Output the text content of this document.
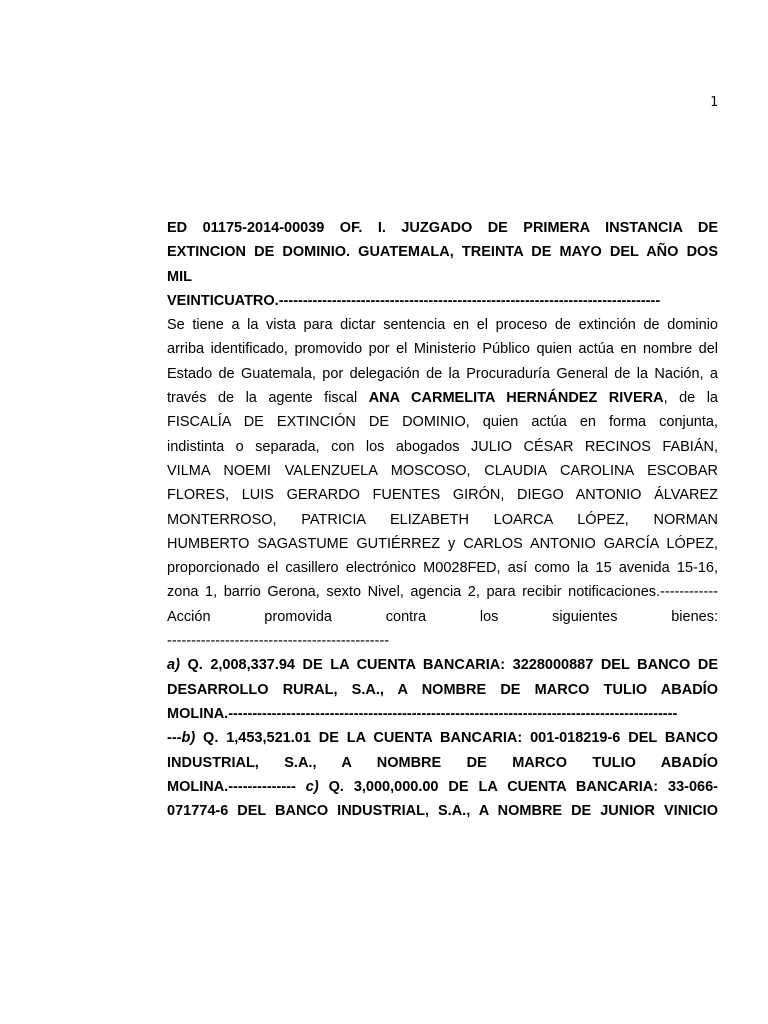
1
ED 01175-2014-00039 OF. I. JUZGADO DE PRIMERA INSTANCIA DE
EXTINCION DE DOMINIO. GUATEMALA, TREINTA DE MAYO DEL AÑO DOS
MIL
VEINTICUATRO.-------------------------------------------------------------------------------
Se tiene a la vista para dictar sentencia en el proceso de extinción de dominio
arriba identificado, promovido por el Ministerio Público quien actúa en nombre del
Estado de Guatemala, por delegación de la Procuraduría General de la Nación, a
través de la agente fiscal ANA CARMELITA HERNÁNDEZ RIVERA, de la
FISCALÍA DE EXTINCIÓN DE DOMINIO, quien actúa en forma conjunta,
indistinta o separada, con los abogados JULIO CÉSAR RECINOS FABIÁN,
VILMA NOEMI VALENZUELA MOSCOSO, CLAUDIA CAROLINA ESCOBAR
FLORES, LUIS GERARDO FUENTES GIRÓN, DIEGO ANTONIO ÁLVAREZ
MONTERROSO, PATRICIA ELIZABETH LOARCA LÓPEZ, NORMAN
HUMBERTO SAGASTUME GUTIÉRREZ y CARLOS ANTONIO GARCÍA LÓPEZ,
proporcionado el casillero electrónico M0028FED, así como la 15 avenida 15-16,
zona 1, barrio Gerona, sexto Nivel, agencia 2, para recibir notificaciones.------------
Acción promovida contra los siguientes bienes:
----------------------------------------------
a) Q. 2,008,337.94 DE LA CUENTA BANCARIA: 3228000887 DEL BANCO DE
DESARROLLO RURAL, S.A., A NOMBRE DE MARCO TULIO ABADÍO
MOLINA.---------------------------------------------------------------------------------------------
---b) Q. 1,453,521.01 DE LA CUENTA BANCARIA: 001-018219-6 DEL BANCO
INDUSTRIAL, S.A., A NOMBRE DE MARCO TULIO ABADÍO
MOLINA.-------------- c) Q. 3,000,000.00 DE LA CUENTA BANCARIA: 33-066-
071774-6 DEL BANCO INDUSTRIAL, S.A., A NOMBRE DE JUNIOR VINICIO
